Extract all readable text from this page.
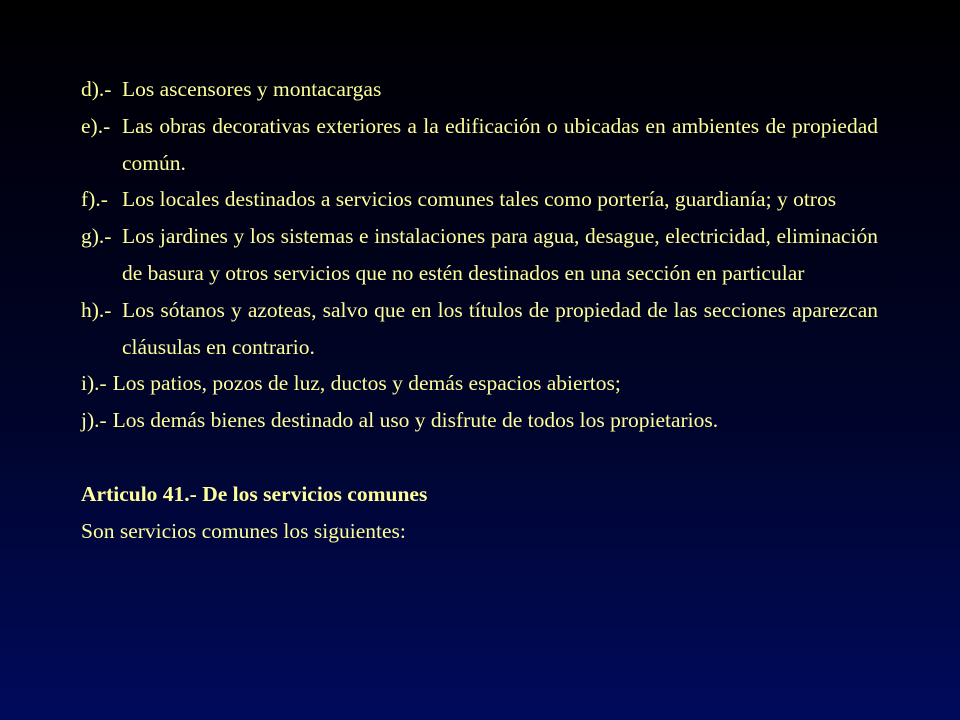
d).- Los ascensores y montacargas
e).- Las obras decorativas exteriores a la edificación o ubicadas en ambientes de propiedad común.
f).- Los locales destinados a servicios comunes tales como portería, guardianía; y otros
g).- Los jardines y los sistemas e instalaciones para agua, desague, electricidad, eliminación de basura y otros servicios que no estén destinados en una sección en particular
h).- Los sótanos y azoteas, salvo que en los títulos de propiedad de las secciones aparezcan cláusulas en contrario.
i).- Los patios, pozos de luz, ductos y demás espacios abiertos;
j).- Los demás bienes destinado al uso y disfrute de todos los propietarios.
Articulo 41.- De los servicios comunes
Son servicios comunes los siguientes:
